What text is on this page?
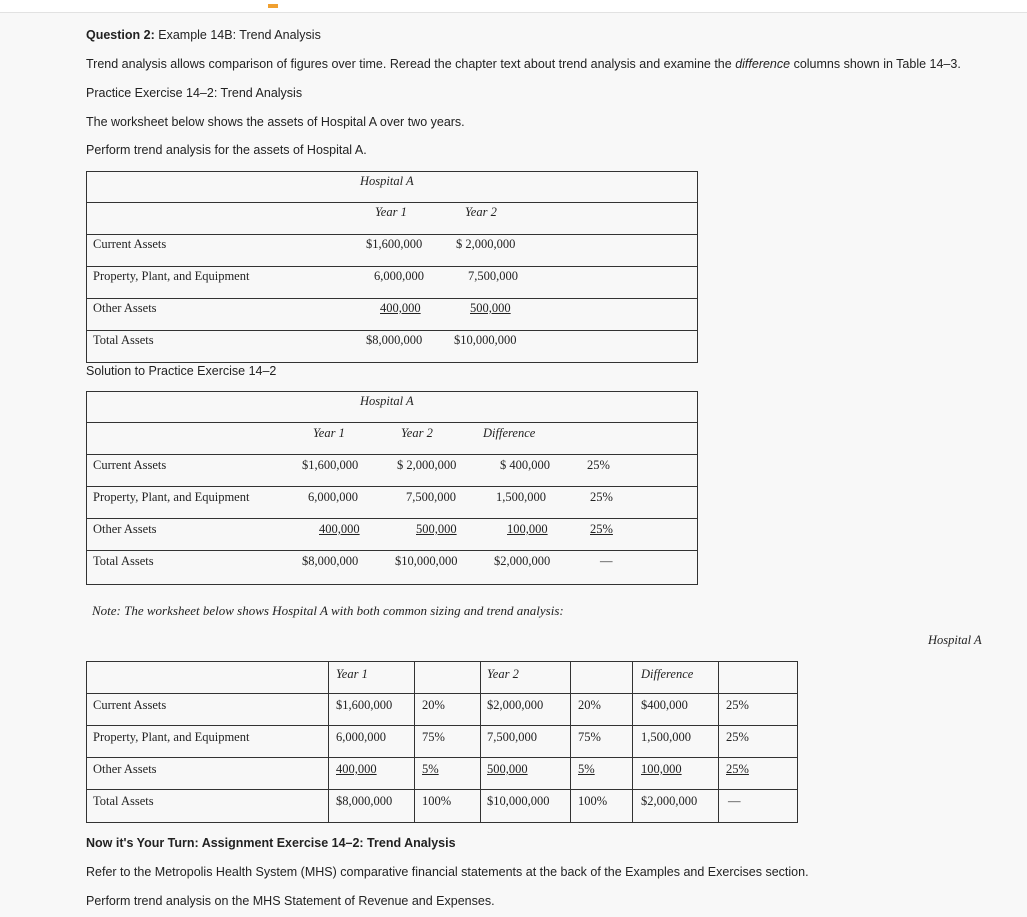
Question 2: Example 14B: Trend Analysis
Trend analysis allows comparison of figures over time. Reread the chapter text about trend analysis and examine the difference columns shown in Table 14–3.
Practice Exercise 14–2: Trend Analysis
The worksheet below shows the assets of Hospital A over two years.
Perform trend analysis for the assets of Hospital A.
Hospital A
Year 1	Year 2
Current Assets	$1,600,000	$ 2,000,000
Property, Plant, and Equipment	6,000,000	7,500,000
Other Assets	400,000	500,000
Total Assets	$8,000,000	$10,000,000
Solution to Practice Exercise 14–2
Hospital A
Year 1	Year 2	Difference
Current Assets	$1,600,000	$ 2,000,000	$ 400,000	25%
Property, Plant, and Equipment	6,000,000	7,500,000	1,500,000	25%
Other Assets	400,000	500,000	100,000	25%
Total Assets	$8,000,000	$10,000,000	$2,000,000	—
Note: The worksheet below shows Hospital A with both common sizing and trend analysis:
Hospital A
Year 1	Year 2	Difference
Current Assets	$1,600,000 20%	$2,000,000	20%	$400,000	25%
Property, Plant, and Equipment	6,000,000	75%	7,500,000	75%	1,500,000	25%
Other Assets	400,000	5%	500,000	5%	100,000	25%
Total Assets	$8,000,000 100%	$10,000,000 100%	$2,000,000 —
Now it's Your Turn: Assignment Exercise 14–2: Trend Analysis
Refer to the Metropolis Health System (MHS) comparative financial statements at the back of the Examples and Exercises section.
Perform trend analysis on the MHS Statement of Revenue and Expenses.
